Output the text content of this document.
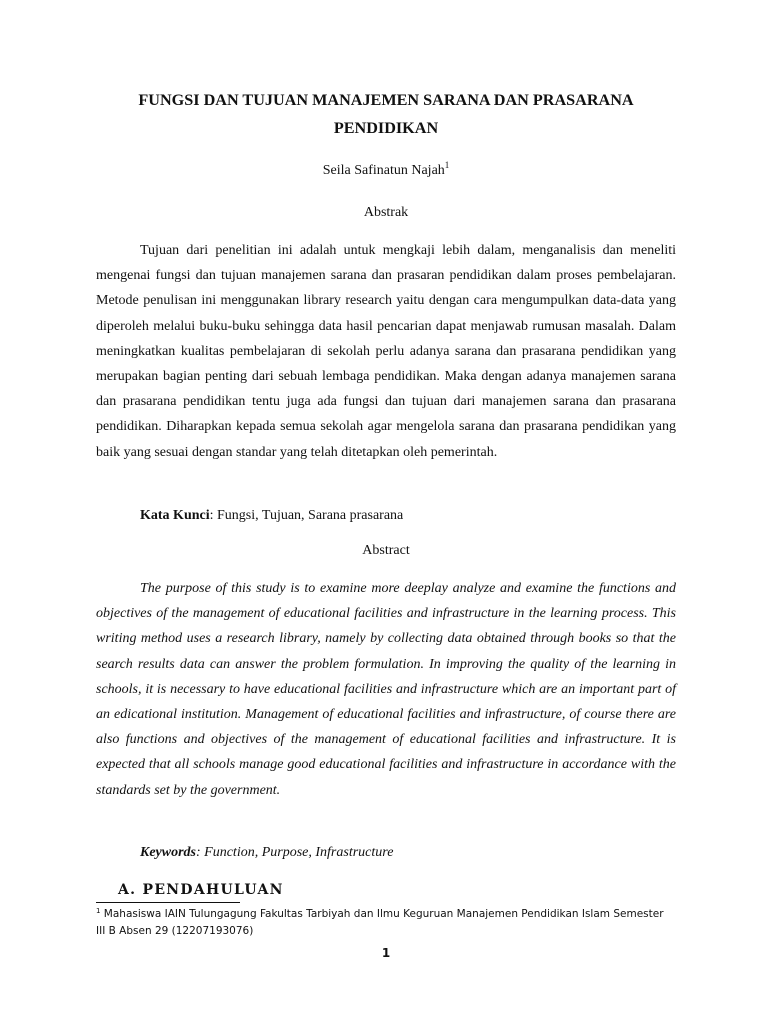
FUNGSI DAN TUJUAN MANAJEMEN SARANA DAN PRASARANA PENDIDIKAN
Seila Safinatun Najah$^1$
Abstrak

Tujuan dari penelitian ini adalah untuk mengkaji lebih dalam, menganalisis dan meneliti mengenai fungsi dan tujuan manajemen sarana dan prasaran pendidikan dalam proses pembelajaran. Metode penulisan ini menggunakan library research yaitu dengan cara mengumpulkan data-data yang diperoleh melalui buku-buku sehingga data hasil pencarian dapat menjawab rumusan masalah. Dalam meningkatkan kualitas pembelajaran di sekolah perlu adanya sarana dan prasarana pendidikan yang merupakan bagian penting dari sebuah lembaga pendidikan. Maka dengan adanya manajemen sarana dan prasarana pendidikan tentu juga ada fungsi dan tujuan dari manajemen sarana dan prasarana pendidikan. Diharapkan kepada semua sekolah agar mengelola sarana dan prasarana pendidikan yang baik yang sesuai dengan standar yang telah ditetapkan oleh pemerintah.

Kata Kunci: Fungsi, Tujuan, Sarana prasarana
Abstract

The purpose of this study is to examine more deeplay analyze and examine the functions and objectives of the management of educational facilities and infrastructure in the learning process. This writing method uses a research library, namely by collecting data obtained through books so that the search results data can answer the problem formulation. In improving the quality of the learning in schools, it is necessary to have educational facilities and infrastructure which are an important part of an edicational institution. Management of educational facilities and infrastructure, of course there are also functions and objectives of the management of educational facilities and infrastructure. It is expected that all schools manage good educational facilities and infrastructure in accordance with the standards set by the government.

Keywords: Function, Purpose, Infrastructure
A. PENDAHULUAN
$^1$ Mahasiswa IAIN Tulungagung Fakultas Tarbiyah dan Ilmu Keguruan Manajemen Pendidikan Islam Semester III B Absen 29 (12207193076)
1
